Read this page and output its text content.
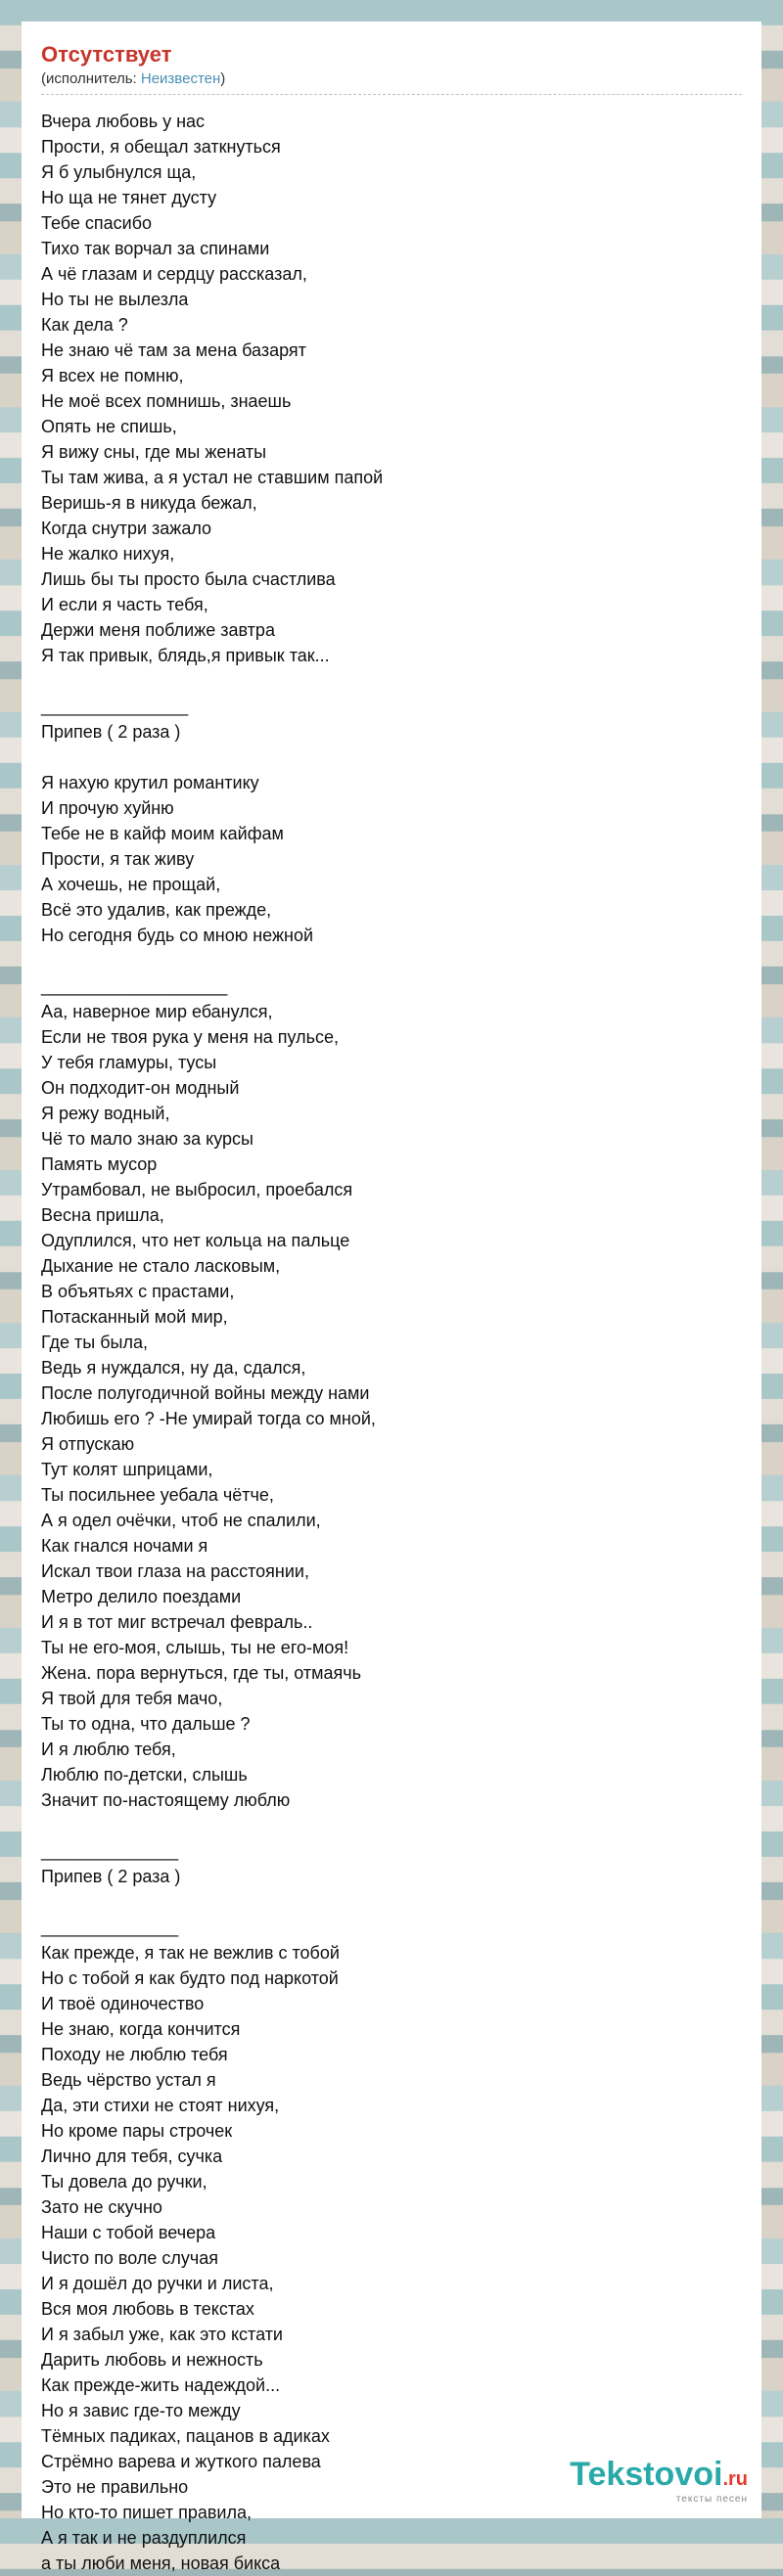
Отсутствует
(исполнитель: Неизвестен)
Вчера любовь у нас
Прости, я обещал заткнуться
Я б улыбнулся ща,
Но ща не тянет дусту
Тебе спасибо
Тихо так ворчал за спинами
А чё глазам и сердцу рассказал,
Но ты не вылезла
Как дела ?
Не знаю чё там за мена базарят
Я всех не помню,
Не моё всех помнишь, знаешь
Опять не спишь,
Я вижу сны, где мы женаты
Ты там жива, а я устал не ставшим папой
Веришь-я в никуда бежал,
Когда снутри зажало
Не жалко нихуя,
Лишь бы ты просто была счастлива
И если я часть тебя,
Держи меня поближе завтра
Я так привык, блядь,я привык так...
_______________
Припев ( 2 раза )
Я нахую крутил романтику
И прочую хуйню
Тебе не в кайф моим кайфам
Прости, я так живу
А хочешь, не прощай,
Всё это удалив, как прежде,
Но сегодня будь со мною нежной
___________________
Аа, наверное мир ебанулся,
Если не твоя рука у меня на пульсе,
У тебя гламуры, тусы
Он подходит-он модный
Я режу водный,
Чё то мало знаю за курсы
Память мусор
Утрамбовал, не выбросил, проебался
Весна пришла,
Одуплился, что нет кольца на пальце
Дыхание не стало ласковым,
В объятьях с прастами,
Потасканный мой мир,
Где ты была,
Ведь я нуждался, ну да, сдался,
После полугодичной войны между нами
Любишь его ? -Не умирай тогда со мной,
Я отпускаю
Тут колят шприцами,
Ты посильнее уебала чётче,
А я одел очёчки, чтоб не спалили,
Как гнался ночами я
Искал твои глаза на расстоянии,
Метро делило поездами
И я в тот миг встречал февраль..
Ты не его-моя, слышь, ты не его-моя!
Жена. пора вернуться, где ты, отмаячь
Я твой для тебя мачо,
Ты то одна, что дальше ?
И я люблю тебя,
Люблю по-детски, слышь
Значит по-настоящему люблю
______________
Припев ( 2 раза )
______________
Как прежде, я так не вежлив с тобой
Но с тобой я как будто под наркотой
И твоё одиночество
Не знаю, когда кончится
Походу не люблю тебя
Ведь чёрство устал я
Да, эти стихи не стоят нихуя,
Но кроме пары строчек
Лично для тебя, сучка
Ты довела до ручки,
Зато не скучно
Наши с тобой вечера
Чисто по воле случая
И я дошёл до ручки и листа,
Вся моя любовь в текстах
И я забыл уже, как это кстати
Дарить любовь и нежность
Как прежде-жить надеждой...
Но я завис где-то между
Тёмных падиках, пацанов в адиках
Стрёмно варева и жуткого палева
Это не правильно
Но кто-то пишет правила,
А я так и не раздуплился
а ты люби меня, новая бикса
Tekstovoi.ru
тексты песен
